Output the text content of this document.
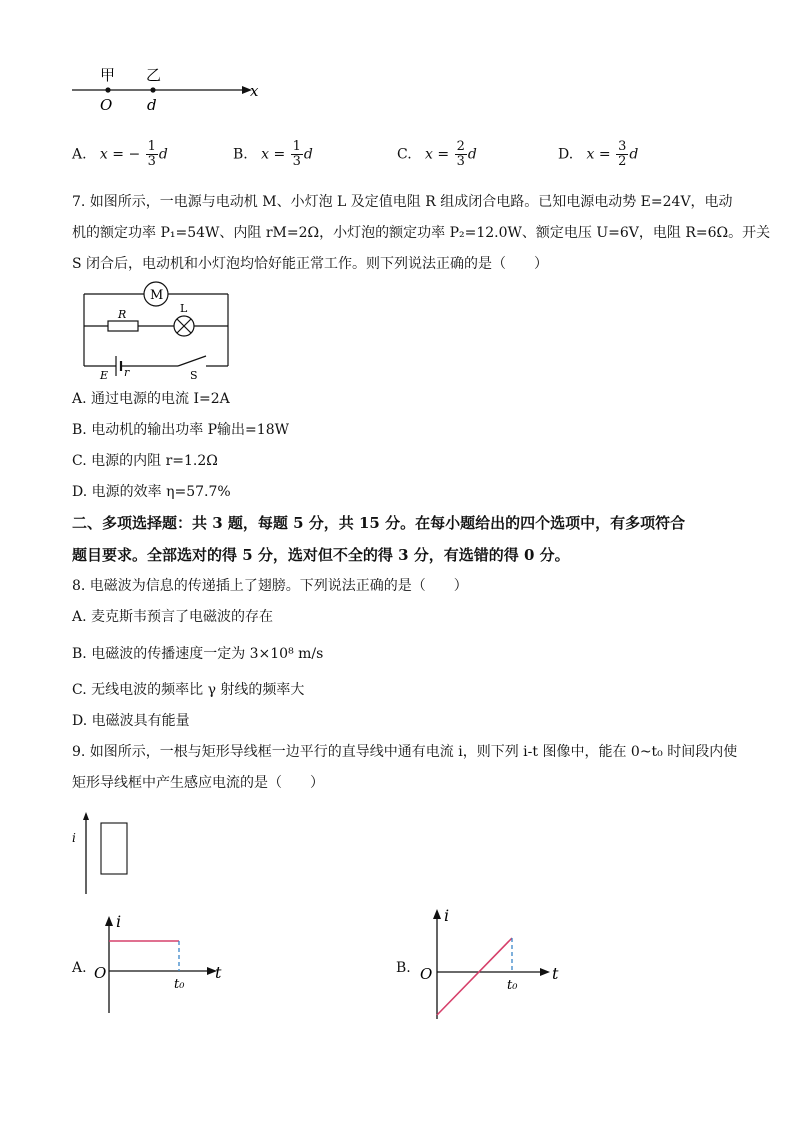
甲 乙
O d
x
A. x = − $\frac{1}{3}$ d	B. $x = \frac{1}{3}$ d	C. $x = \frac{2}{3}$ d	D. $x = \frac{3}{2}$ d
7. 如图所示，一电源与电动机 M、小灯泡 L 及定值电阻 R 组成闭合电路。已知电源电动势 E=24V，电动
机的额定功率 P₁=54W、内阻 rM=2Ω，小灯泡的额定功率 P₂=12.0W、额定电压 U=6V，电阻 R=6Ω。开关
S 闭合后，电动机和小灯泡均恰好能正常工作。则下列说法正确的是（　　）
M
R	L
E r	S
A. 通过电源的电流 I=2A
B. 电动机的输出功率 P输出=18W
C. 电源的内阻 r=1.2Ω
D. 电源的效率 η=57.7%
二、多项选择题：共 3 题，每题 5 分，共 15 分。在每小题给出的四个选项中，有多项符合
题目要求。全部选对的得 5 分，选对但不全的得 3 分，有选错的得 0 分。
8. 电磁波为信息的传递插上了翅膀。下列说法正确的是（　　）
A. 麦克斯韦预言了电磁波的存在
B. 电磁波的传播速度一定为 3×10⁸ m/s
C. 无线电波的频率比 γ 射线的频率大
D. 电磁波具有能量
9. 如图所示，一根与矩形导线框一边平行的直导线中通有电流 i，则下列 i-t 图像中，能在 0~t₀ 时间段内使
矩形导线框中产生感应电流的是（　　）
i
A.
i
t
O
t₀
B.
i
t
O
t₀
